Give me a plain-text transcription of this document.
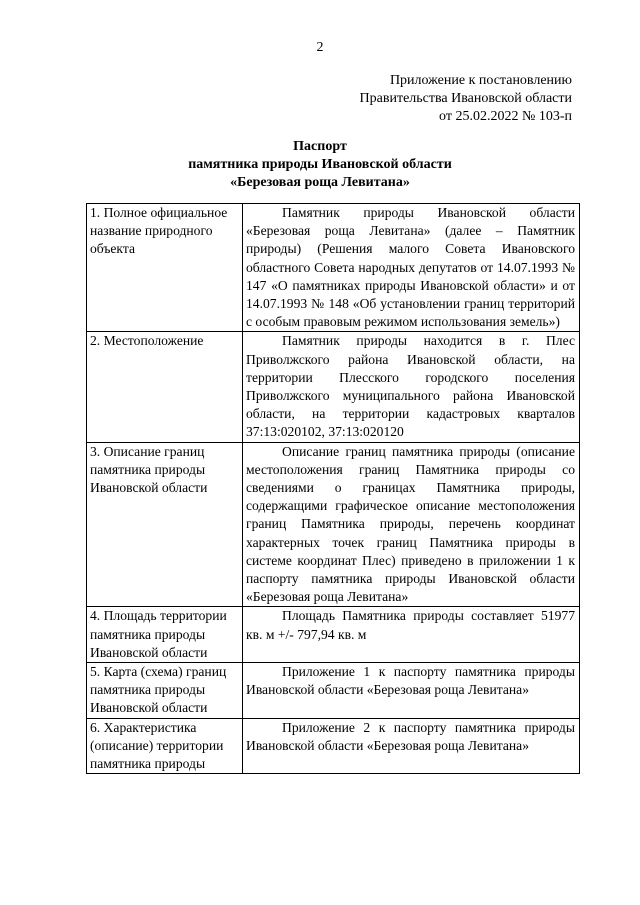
2
Приложение к постановлению
Правительства Ивановской области
от 25.02.2022 № 103-п
Паспорт
памятника природы Ивановской области
«Березовая роща Левитана»
1. Полное официальное название природного объекта	Памятник природы Ивановской области «Березовая роща Левитана» (далее – Памятник природы) (Решения малого Совета Ивановского областного Совета народных депутатов от 14.07.1993 № 147 «О памятниках природы Ивановской области» и от 14.07.1993 № 148 «Об установлении границ территорий с особым правовым режимом использования земель»)
2. Местоположение	Памятник природы находится в г. Плес Приволжского района Ивановской области, на территории Плесского городского поселения Приволжского муниципального района Ивановской области, на территории кадастровых кварталов 37:13:020102, 37:13:020120
3. Описание границ памятника природы Ивановской области	Описание границ памятника природы (описание местоположения границ Памятника природы со сведениями о границах Памятника природы, содержащими графическое описание местоположения границ Памятника природы, перечень координат характерных точек границ Памятника природы в системе координат Плес) приведено в приложении 1 к паспорту памятника природы Ивановской области «Березовая роща Левитана»
4. Площадь территории памятника природы Ивановской области	Площадь Памятника природы составляет 51977 кв. м +/- 797,94 кв. м
5. Карта (схема) границ памятника природы Ивановской области	Приложение 1 к паспорту памятника природы Ивановской области «Березовая роща Левитана»
6. Характеристика (описание) территории памятника природы	Приложение 2 к паспорту памятника природы Ивановской области «Березовая роща Левитана»
